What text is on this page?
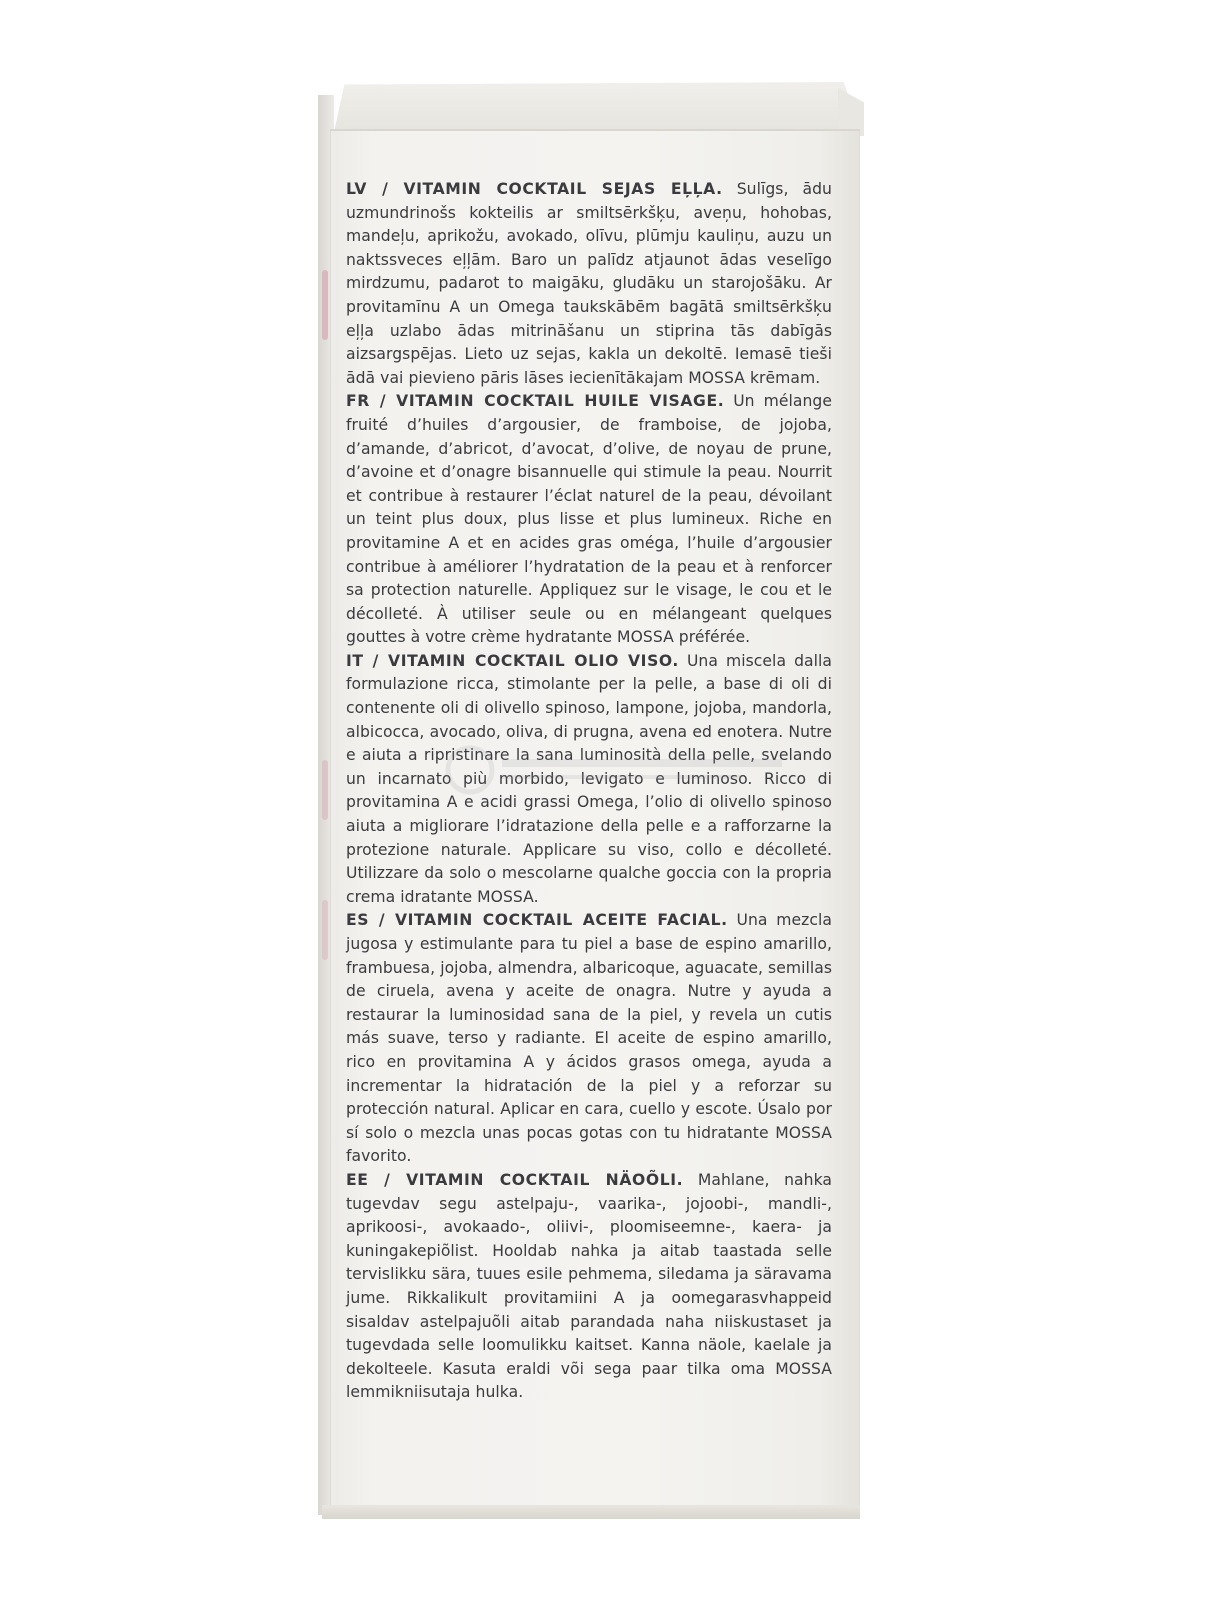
LV / VITAMIN COCKTAIL SEJAS EĻĻA. Sulīgs, ādu uzmundrinošs kokteilis ar smiltsērkšķu, aveņu, hohobas, mandeļu, aprikožu, avokado, olīvu, plūmju kauliņu, auzu un naktssveces eļļām. Baro un palīdz atjaunot ādas veselīgo mirdzumu, padarot to maigāku, gludāku un starojošāku. Ar provitamīnu A un Omega taukskābēm bagātā smiltsērkšķu eļļa uzlabo ādas mitrināšanu un stiprina tās dabīgās aizsargspējas. Lieto uz sejas, kakla un dekoltē. Iemasē tieši ādā vai pievieno pāris lāses iecienītākajam MOSSA krēmam.

FR / VITAMIN COCKTAIL HUILE VISAGE. Un mélange fruité d’huiles d’argousier, de framboise, de jojoba, d’amande, d’abricot, d’avocat, d’olive, de noyau de prune, d’avoine et d’onagre bisannuelle qui stimule la peau. Nourrit et contribue à restaurer l’éclat naturel de la peau, dévoilant un teint plus doux, plus lisse et plus lumineux. Riche en provitamine A et en acides gras oméga, l’huile d’argousier contribue à améliorer l’hydratation de la peau et à renforcer sa protection naturelle. Appliquez sur le visage, le cou et le décolleté. À utiliser seule ou en mélangeant quelques gouttes à votre crème hydratante MOSSA préférée.

IT / VITAMIN COCKTAIL OLIO VISO. Una miscela dalla formulazione ricca, stimolante per la pelle, a base di oli di contenente oli di olivello spinoso, lampone, jojoba, mandorla, albicocca, avocado, oliva, di prugna, avena ed enotera. Nutre e aiuta a ripristinare la sana luminosità della pelle, svelando un incarnato più morbido, levigato e luminoso. Ricco di provitamina A e acidi grassi Omega, l’olio di olivello spinoso aiuta a migliorare l’idratazione della pelle e a rafforzarne la protezione naturale. Applicare su viso, collo e décolleté. Utilizzare da solo o mescolarne qualche goccia con la propria crema idratante MOSSA.

ES / VITAMIN COCKTAIL ACEITE FACIAL. Una mezcla jugosa y estimulante para tu piel a base de espino amarillo, frambuesa, jojoba, almendra, albaricoque, aguacate, semillas de ciruela, avena y aceite de onagra. Nutre y ayuda a restaurar la luminosidad sana de la piel, y revela un cutis más suave, terso y radiante. El aceite de espino amarillo, rico en provitamina A y ácidos grasos omega, ayuda a incrementar la hidratación de la piel y a reforzar su protección natural. Aplicar en cara, cuello y escote. Úsalo por sí solo o mezcla unas pocas gotas con tu hidratante MOSSA favorito.

EE / VITAMIN COCKTAIL NÄOÕLI. Mahlane, nahka tugevdav segu astelpaju-, vaarika-, jojoobi-, mandli-, aprikoosi-, avokaado-, oliivi-, ploomiseemne-, kaera- ja kuningakepiõlist. Hooldab nahka ja aitab taastada selle tervislikku sära, tuues esile pehmema, siledama ja säravama jume. Rikkalikult provitamiini A ja oomegarasvhappeid sisaldav astelpajuõli aitab parandada naha niiskustaset ja tugevdada selle loomulikku kaitset. Kanna näole, kaelale ja dekolteele. Kasuta eraldi või sega paar tilka oma MOSSA lemmikniisutaja hulka.
